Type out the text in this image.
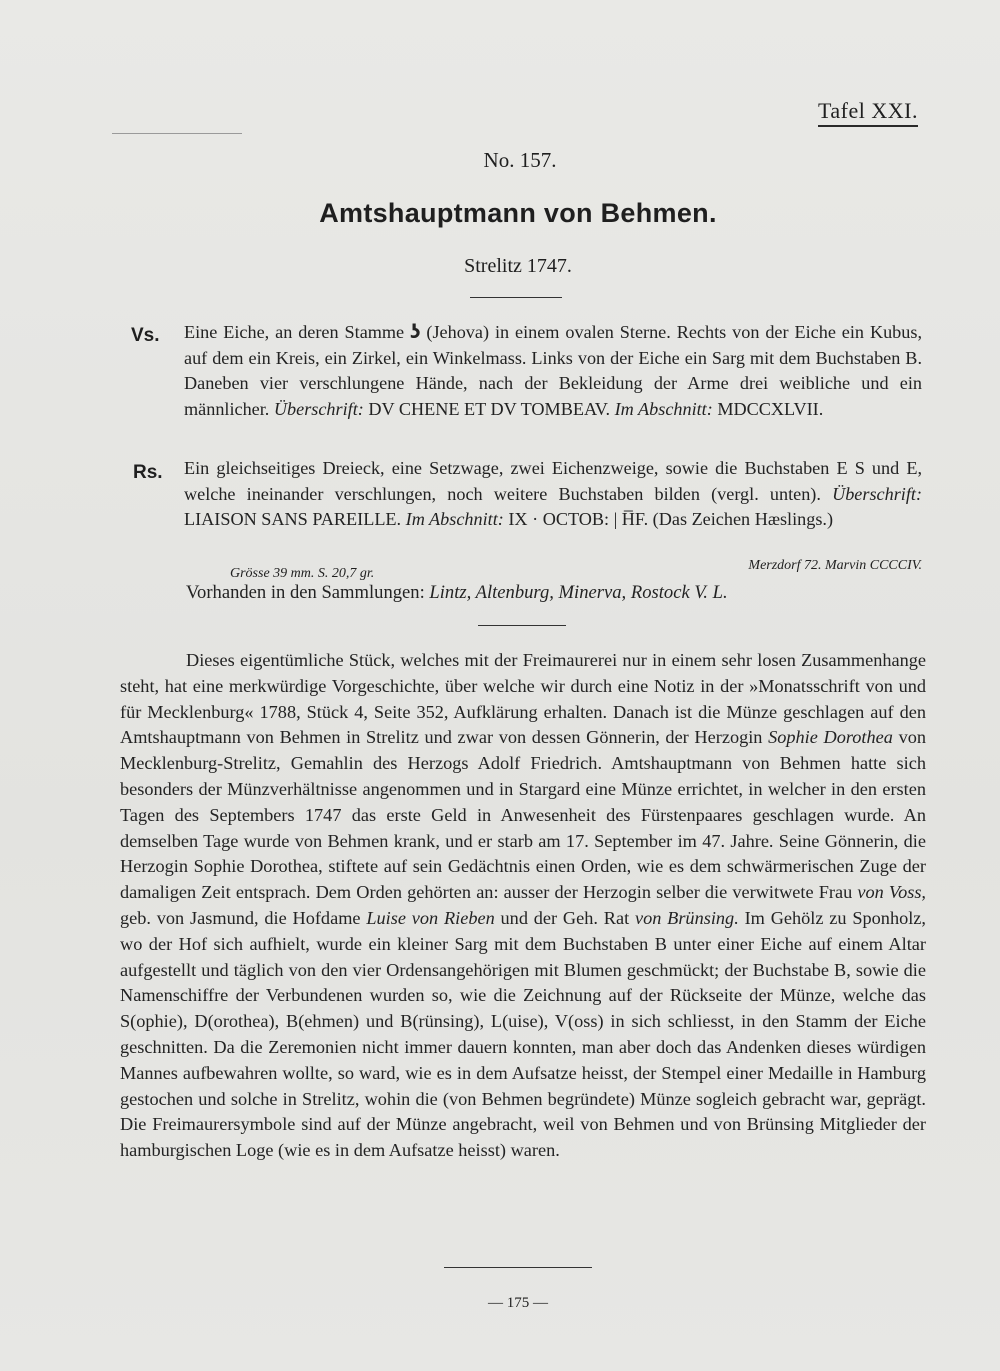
Tafel XXI.
No. 157.
Amtshauptmann von Behmen.
Strelitz 1747.
Vs. Eine Eiche, an deren Stamme ʖ (Jehova) in einem ovalen Sterne. Rechts von der Eiche ein Kubus, auf dem ein Kreis, ein Zirkel, ein Winkelmass. Links von der Eiche ein Sarg mit dem Buchstaben B. Daneben vier verschlungene Hände, nach der Bekleidung der Arme drei weibliche und ein männlicher. Überschrift: DV CHENE ET DV TOMBEAV. Im Abschnitt: MDCCXLVII.

Rs. Ein gleichseitiges Dreieck, eine Setzwage, zwei Eichenzweige, sowie die Buchstaben E S und E, welche ineinander verschlungen, noch weitere Buchstaben bilden (vergl. unten). Überschrift: LIAISON SANS PAREILLE. Im Abschnitt: IX · OCTOB: | H̅F. (Das Zeichen Hæslings.)

Grösse 39 mm. S. 20,7 gr.
Merzdorf 72. Marvin CCCCIV.
Vorhanden in den Sammlungen: Lintz, Altenburg, Minerva, Rostock V. L.

Dieses eigentümliche Stück, welches mit der Freimaurerei nur in einem sehr losen Zusammenhange steht, hat eine merkwürdige Vorgeschichte, über welche wir durch eine Notiz in der »Monatsschrift von und für Mecklenburg« 1788, Stück 4, Seite 352, Aufklärung erhalten. Danach ist die Münze geschlagen auf den Amtshauptmann von Behmen in Strelitz und zwar von dessen Gönnerin, der Herzogin Sophie Dorothea von Mecklenburg-Strelitz, Gemahlin des Herzogs Adolf Friedrich. Amtshauptmann von Behmen hatte sich besonders der Münzverhältnisse angenommen und in Stargard eine Münze errichtet, in welcher in den ersten Tagen des Septembers 1747 das erste Geld in Anwesenheit des Fürstenpaares geschlagen wurde. An demselben Tage wurde von Behmen krank, und er starb am 17. September im 47. Jahre. Seine Gönnerin, die Herzogin Sophie Dorothea, stiftete auf sein Gedächtnis einen Orden, wie es dem schwärmerischen Zuge der damaligen Zeit entsprach. Dem Orden gehörten an: ausser der Herzogin selber die verwitwete Frau von Voss, geb. von Jasmund, die Hofdame Luise von Rieben und der Geh. Rat von Brünsing. Im Gehölz zu Sponholz, wo der Hof sich aufhielt, wurde ein kleiner Sarg mit dem Buchstaben B unter einer Eiche auf einem Altar aufgestellt und täglich von den vier Ordensangehörigen mit Blumen geschmückt; der Buchstabe B, sowie die Namenschiffre der Verbundenen wurden so, wie die Zeichnung auf der Rückseite der Münze, welche das S(ophie), D(orothea), B(ehmen) und B(rünsing), L(uise), V(oss) in sich schliesst, in den Stamm der Eiche geschnitten. Da die Zeremonien nicht immer dauern konnten, man aber doch das Andenken dieses würdigen Mannes aufbewahren wollte, so ward, wie es in dem Aufsatze heisst, der Stempel einer Medaille in Hamburg gestochen und solche in Strelitz, wohin die (von Behmen begründete) Münze sogleich gebracht war, geprägt. Die Freimaurersymbole sind auf der Münze angebracht, weil von Behmen und von Brünsing Mitglieder der hamburgischen Loge (wie es in dem Aufsatze heisst) waren.

— 175 —
